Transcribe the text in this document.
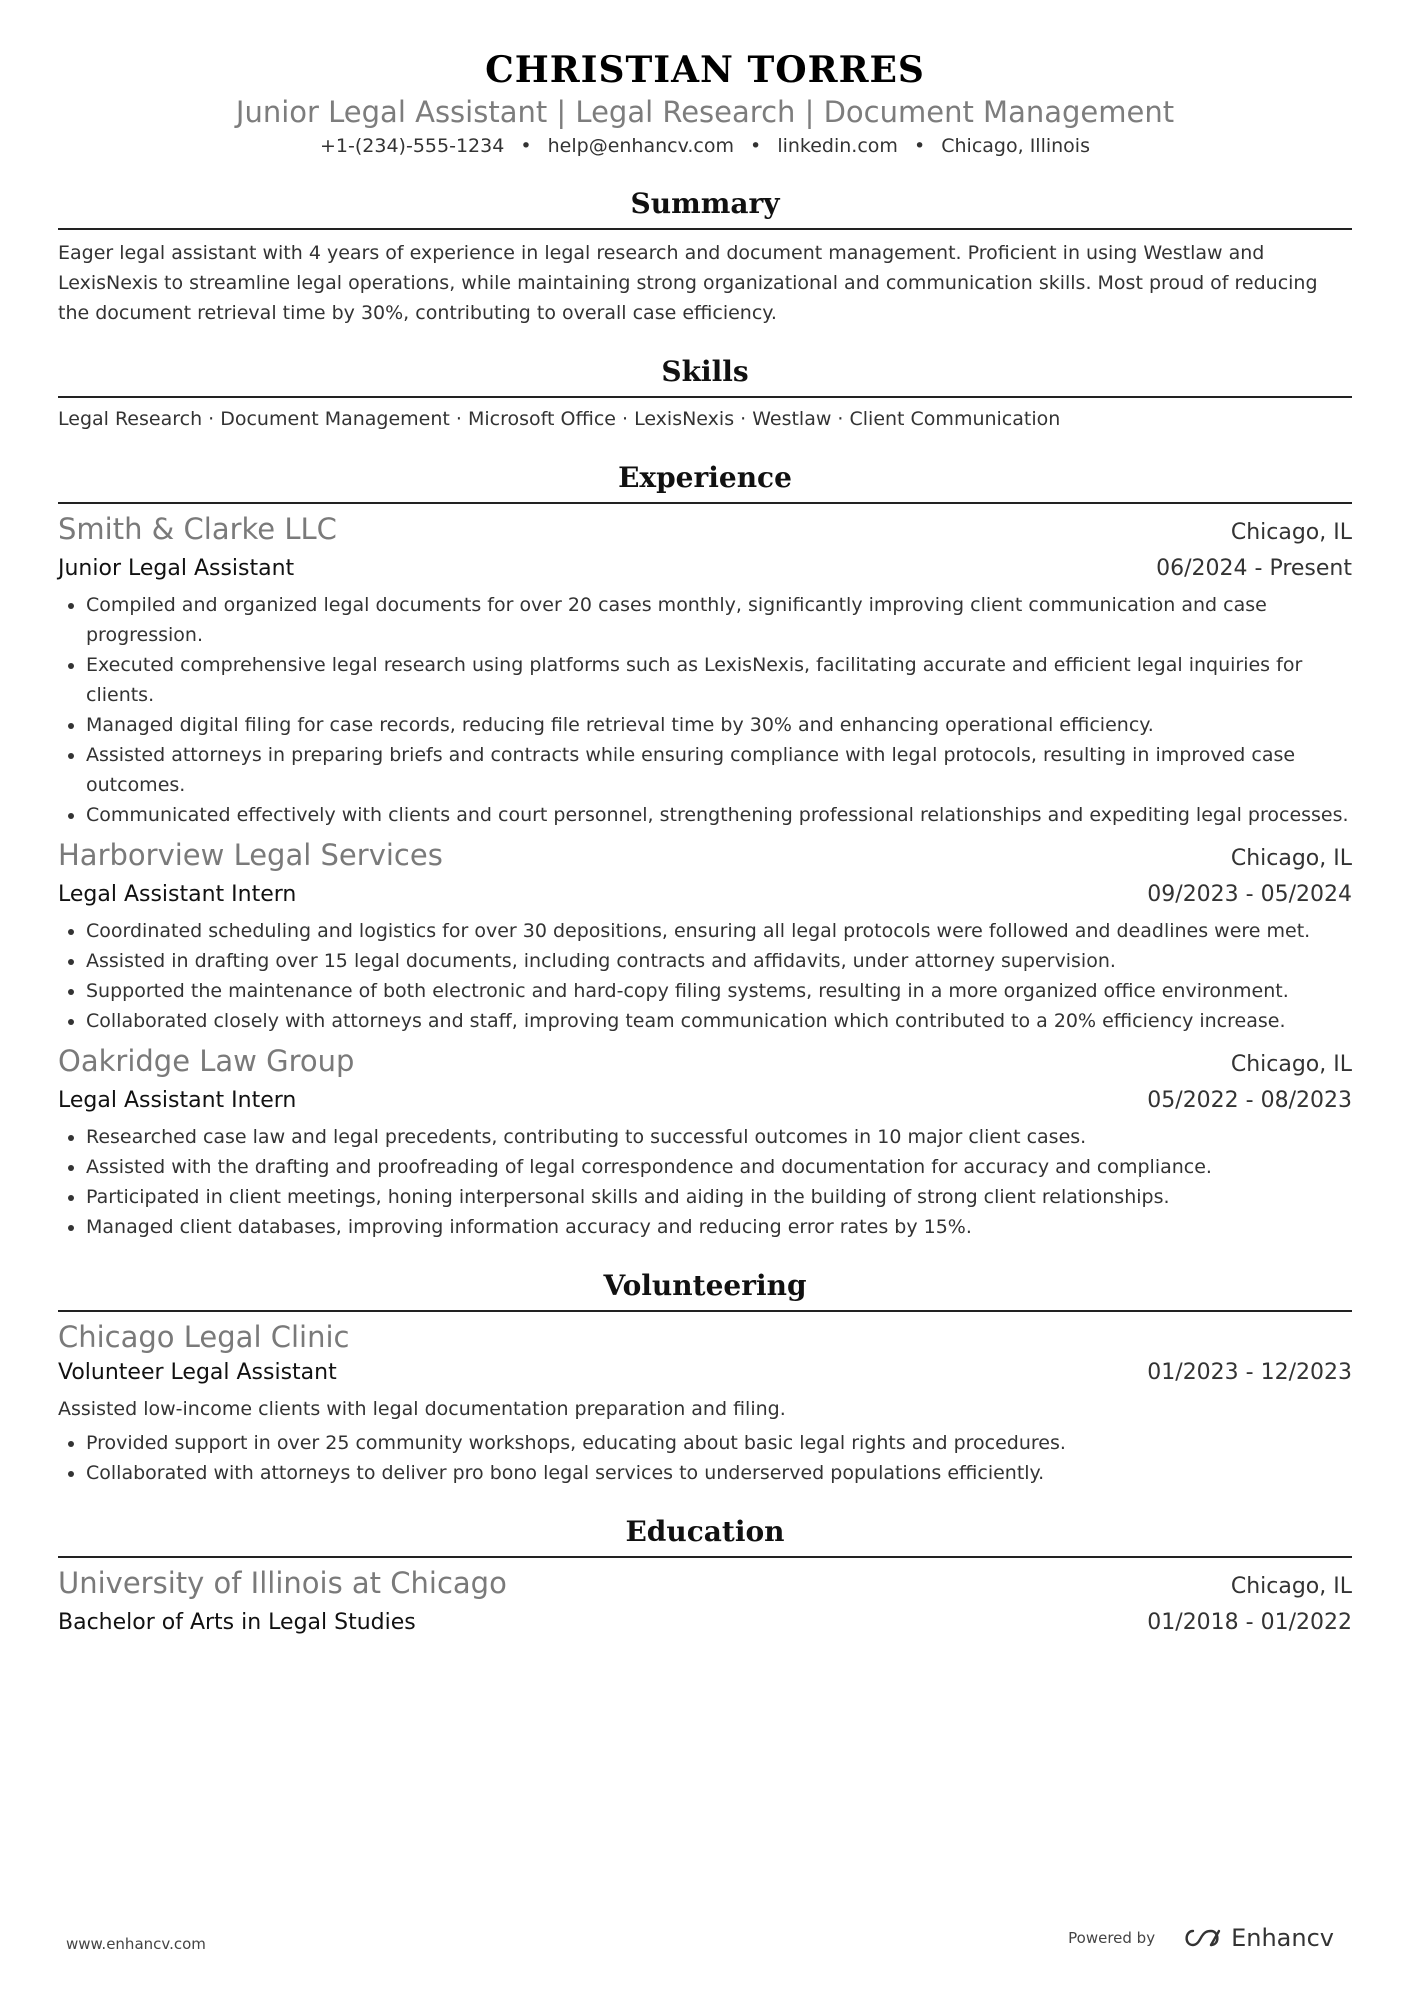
CHRISTIAN TORRES
Junior Legal Assistant | Legal Research | Document Management
+1-(234)-555-1234 • help@enhancv.com • linkedin.com • Chicago, Illinois
Summary
Eager legal assistant with 4 years of experience in legal research and document management. Proficient in using Westlaw and LexisNexis to streamline legal operations, while maintaining strong organizational and communication skills. Most proud of reducing the document retrieval time by 30%, contributing to overall case efficiency.
Skills
Legal Research · Document Management · Microsoft Office · LexisNexis · Westlaw · Client Communication
Experience
Smith & Clarke LLC	Chicago, IL
Junior Legal Assistant	06/2024 - Present
• Compiled and organized legal documents for over 20 cases monthly, significantly improving client communication and case progression.
• Executed comprehensive legal research using platforms such as LexisNexis, facilitating accurate and efficient legal inquiries for clients.
• Managed digital filing for case records, reducing file retrieval time by 30% and enhancing operational efficiency.
• Assisted attorneys in preparing briefs and contracts while ensuring compliance with legal protocols, resulting in improved case outcomes.
• Communicated effectively with clients and court personnel, strengthening professional relationships and expediting legal processes.
Harborview Legal Services	Chicago, IL
Legal Assistant Intern	09/2023 - 05/2024
• Coordinated scheduling and logistics for over 30 depositions, ensuring all legal protocols were followed and deadlines were met.
• Assisted in drafting over 15 legal documents, including contracts and affidavits, under attorney supervision.
• Supported the maintenance of both electronic and hard-copy filing systems, resulting in a more organized office environment.
• Collaborated closely with attorneys and staff, improving team communication which contributed to a 20% efficiency increase.
Oakridge Law Group	Chicago, IL
Legal Assistant Intern	05/2022 - 08/2023
• Researched case law and legal precedents, contributing to successful outcomes in 10 major client cases.
• Assisted with the drafting and proofreading of legal correspondence and documentation for accuracy and compliance.
• Participated in client meetings, honing interpersonal skills and aiding in the building of strong client relationships.
• Managed client databases, improving information accuracy and reducing error rates by 15%.
Volunteering
Chicago Legal Clinic
Volunteer Legal Assistant	01/2023 - 12/2023
Assisted low-income clients with legal documentation preparation and filing.
• Provided support in over 25 community workshops, educating about basic legal rights and procedures.
• Collaborated with attorneys to deliver pro bono legal services to underserved populations efficiently.
Education
University of Illinois at Chicago	Chicago, IL
Bachelor of Arts in Legal Studies	01/2018 - 01/2022
www.enhancv.com	Powered by	Enhancv
